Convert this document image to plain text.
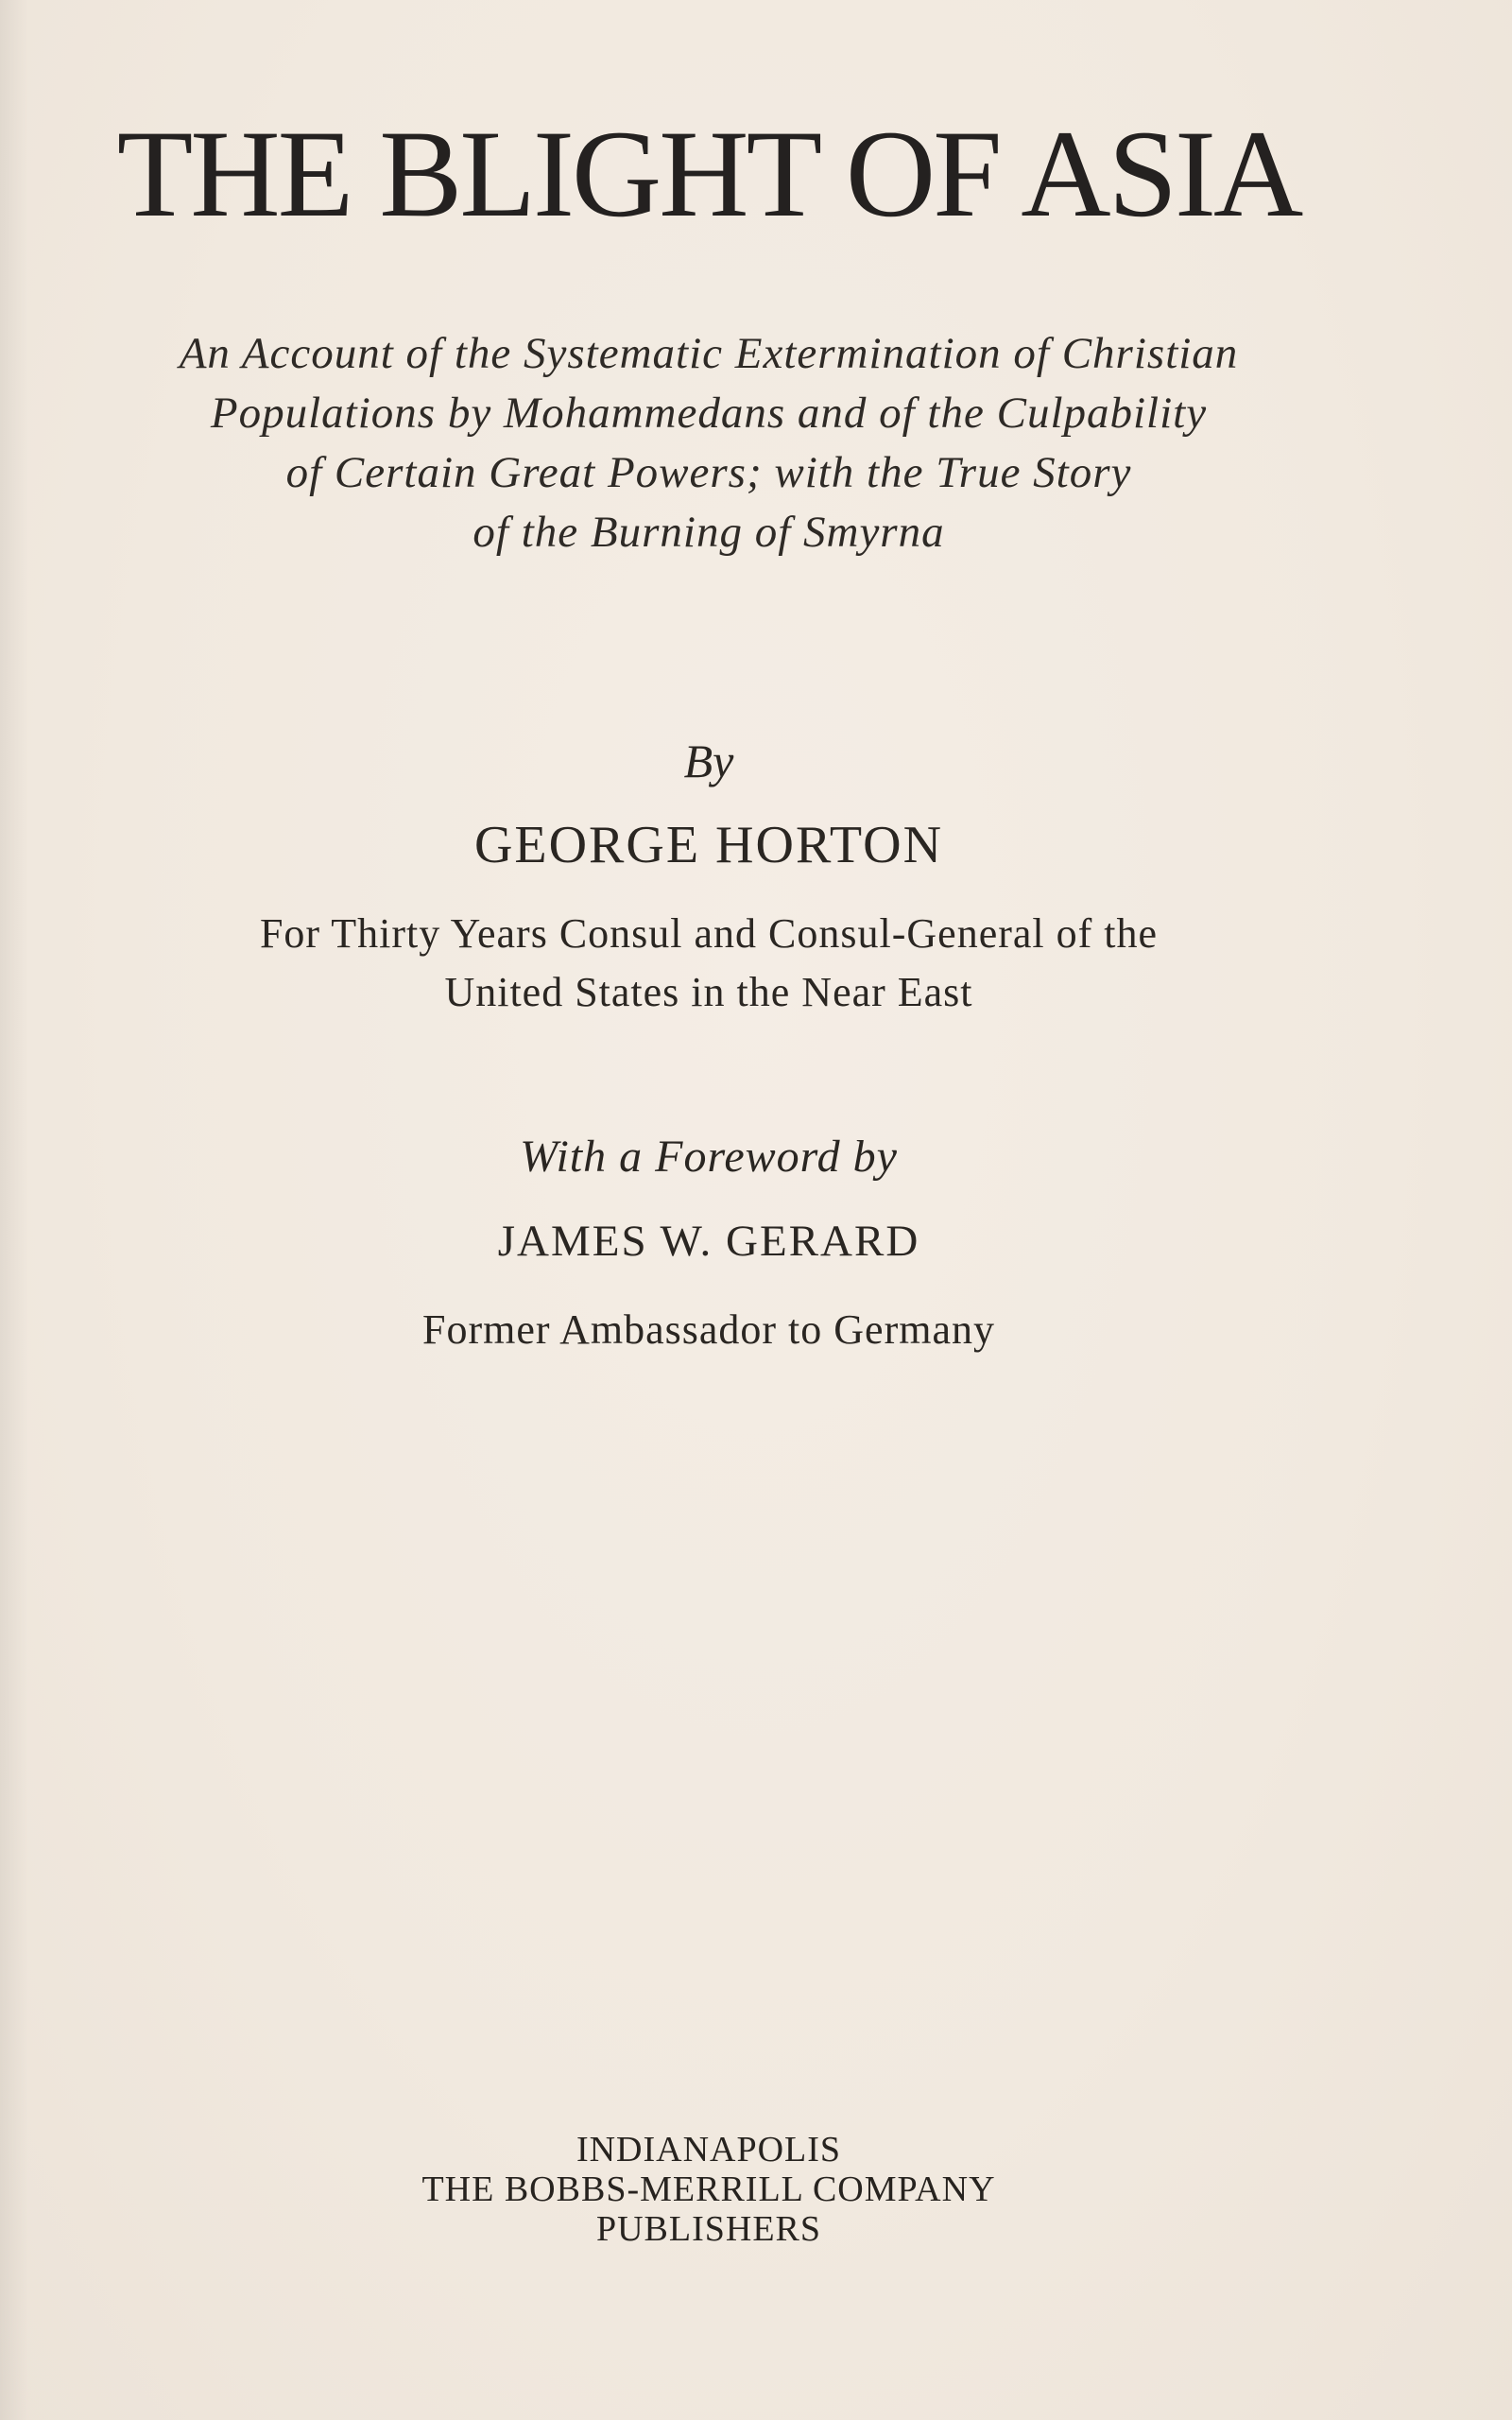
THE BLIGHT OF ASIA
An Account of the Systematic Extermination of Christian
Populations by Mohammedans and of the Culpability
of Certain Great Powers; with the True Story
of the Burning of Smyrna
By
GEORGE HORTON
For Thirty Years Consul and Consul-General of the
United States in the Near East
With a Foreword by
JAMES W. GERARD
Former Ambassador to Germany
INDIANAPOLIS
THE BOBBS-MERRILL COMPANY
PUBLISHERS
